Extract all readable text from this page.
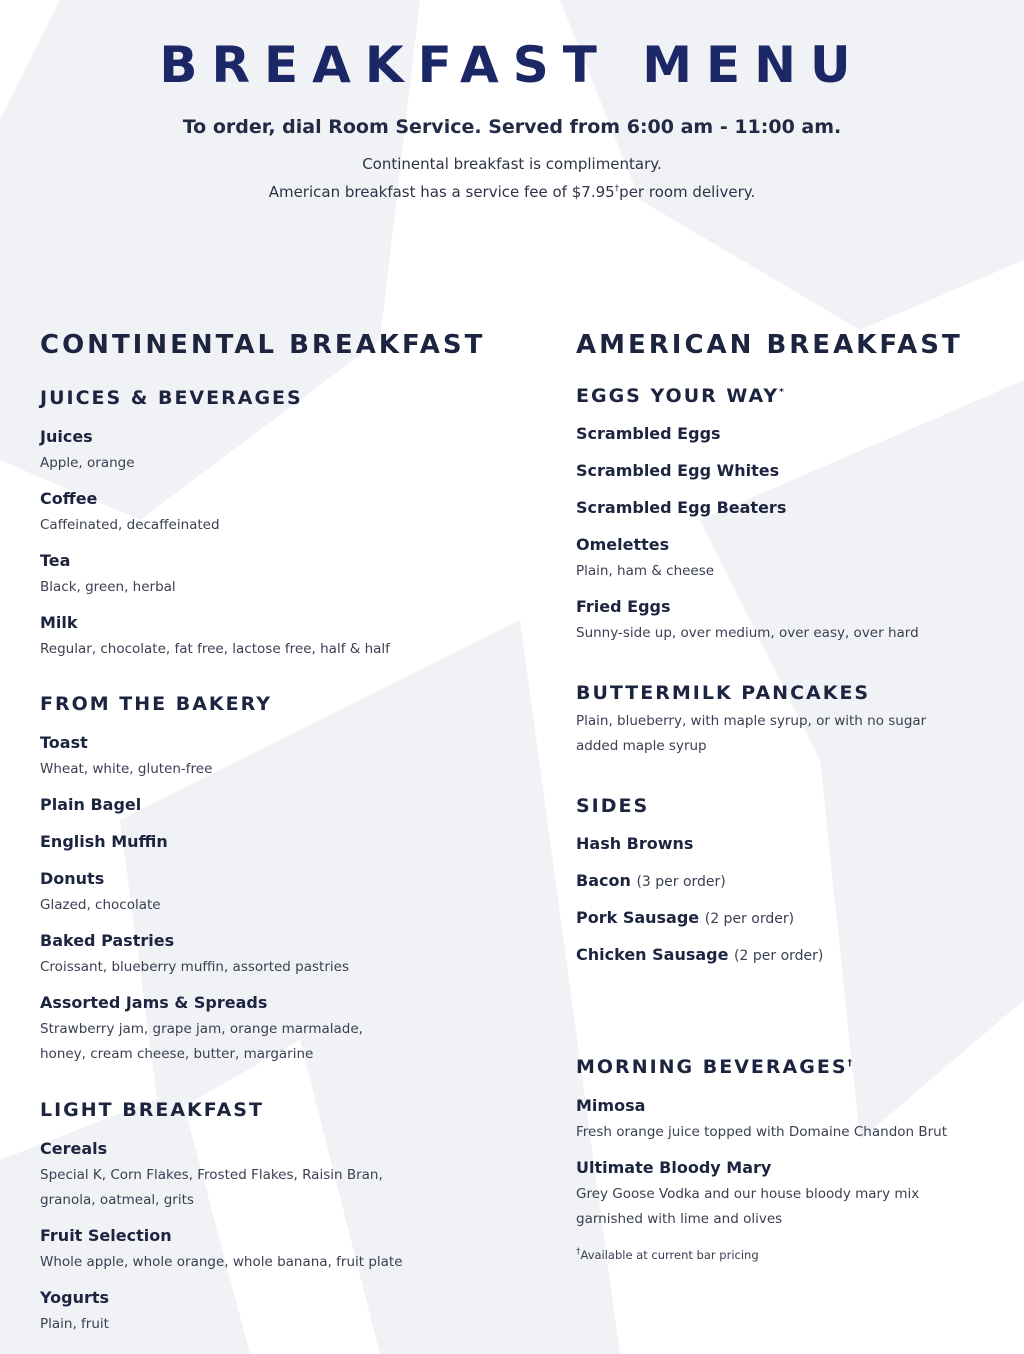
BREAKFAST MENU
To order, dial Room Service. Served from 6:00 am - 11:00 am.
Continental breakfast is complimentary.
American breakfast has a service fee of $7.95†per room delivery.
CONTINENTAL BREAKFAST
JUICES & BEVERAGES
Juices
Apple, orange
Coffee
Caffeinated, decaffeinated
Tea
Black, green, herbal
Milk
Regular, chocolate, fat free, lactose free, half & half
FROM THE BAKERY
Toast
Wheat, white, gluten-free
Plain Bagel
English Muffin
Donuts
Glazed, chocolate
Baked Pastries
Croissant, blueberry muffin, assorted pastries
Assorted Jams & Spreads
Strawberry jam, grape jam, orange marmalade,
honey, cream cheese, butter, margarine
LIGHT BREAKFAST
Cereals
Special K, Corn Flakes, Frosted Flakes, Raisin Bran,
granola, oatmeal, grits
Fruit Selection
Whole apple, whole orange, whole banana, fruit plate
Yogurts
Plain, fruit
AMERICAN BREAKFAST
EGGS YOUR WAY*
Scrambled Eggs
Scrambled Egg Whites
Scrambled Egg Beaters
Omelettes
Plain, ham & cheese
Fried Eggs
Sunny-side up, over medium, over easy, over hard
BUTTERMILK PANCAKES
Plain, blueberry, with maple syrup, or with no sugar
added maple syrup
SIDES
Hash Browns
Bacon (3 per order)
Pork Sausage (2 per order)
Chicken Sausage (2 per order)
MORNING BEVERAGES†
Mimosa
Fresh orange juice topped with Domaine Chandon Brut
Ultimate Bloody Mary
Grey Goose Vodka and our house bloody mary mix
garnished with lime and olives
†Available at current bar pricing
